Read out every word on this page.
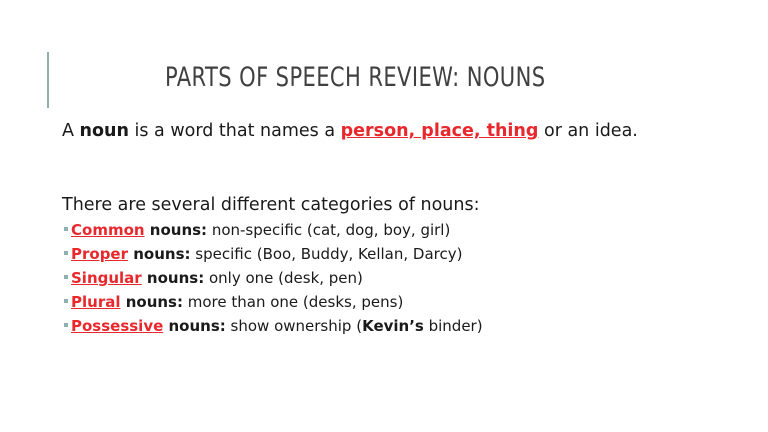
PARTS OF SPEECH REVIEW: NOUNS
A noun is a word that names a person, place, thing or an idea.
There are several different categories of nouns:
Common nouns: non-specific (cat, dog, boy, girl)
Proper nouns: specific (Boo, Buddy, Kellan, Darcy)
Singular nouns: only one (desk, pen)
Plural nouns: more than one (desks, pens)
Possessive nouns: show ownership (Kevin’s binder)
